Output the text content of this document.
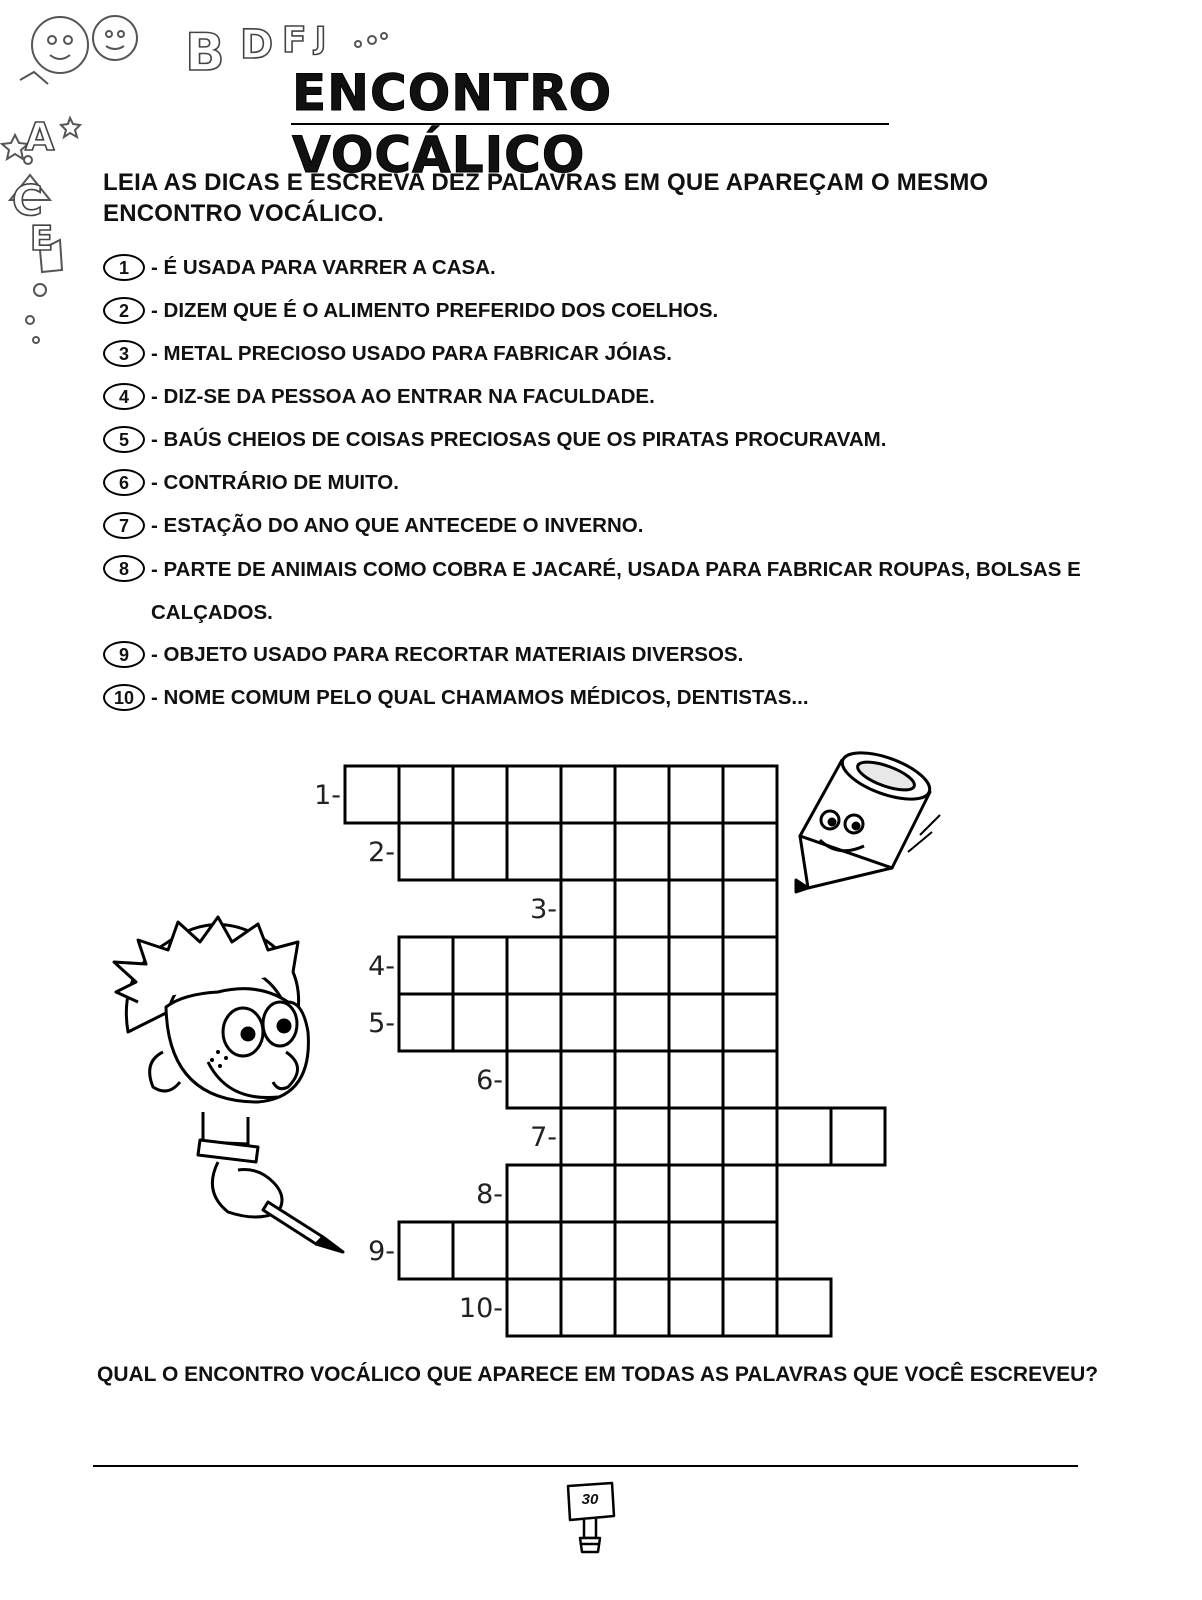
B D F J
C
A
E
ENCONTRO VOCÁLICO

LEIA AS DICAS E ESCREVA DEZ PALAVRAS EM QUE APAREÇAM O MESMO ENCONTRO VOCÁLICO.

1	- É USADA PARA VARRER A CASA.
2	- DIZEM QUE É O ALIMENTO PREFERIDO DOS COELHOS.
3	- METAL PRECIOSO USADO PARA FABRICAR JÓIAS.
4	- DIZ-SE DA PESSOA AO ENTRAR NA FACULDADE.
5	- BAÚS CHEIOS DE COISAS PRECIOSAS QUE OS PIRATAS PROCURAVAM.
6	- CONTRÁRIO DE MUITO.
7	- ESTAÇÃO DO ANO QUE ANTECEDE O INVERNO.
8	- PARTE DE ANIMAIS COMO COBRA E JACARÉ, USADA PARA FABRICAR ROUPAS, BOLSAS E CALÇADOS.
9	- OBJETO USADO PARA RECORTAR MATERIAIS DIVERSOS.
10 - NOME COMUM PELO QUAL CHAMAMOS MÉDICOS, DENTISTAS...
1-
2-
3-
4-
5-
6-
7-
8-
9-
10-

QUAL O ENCONTRO VOCÁLICO QUE APARECE EM TODAS AS PALAVRAS QUE VOCÊ ESCREVEU?

30
